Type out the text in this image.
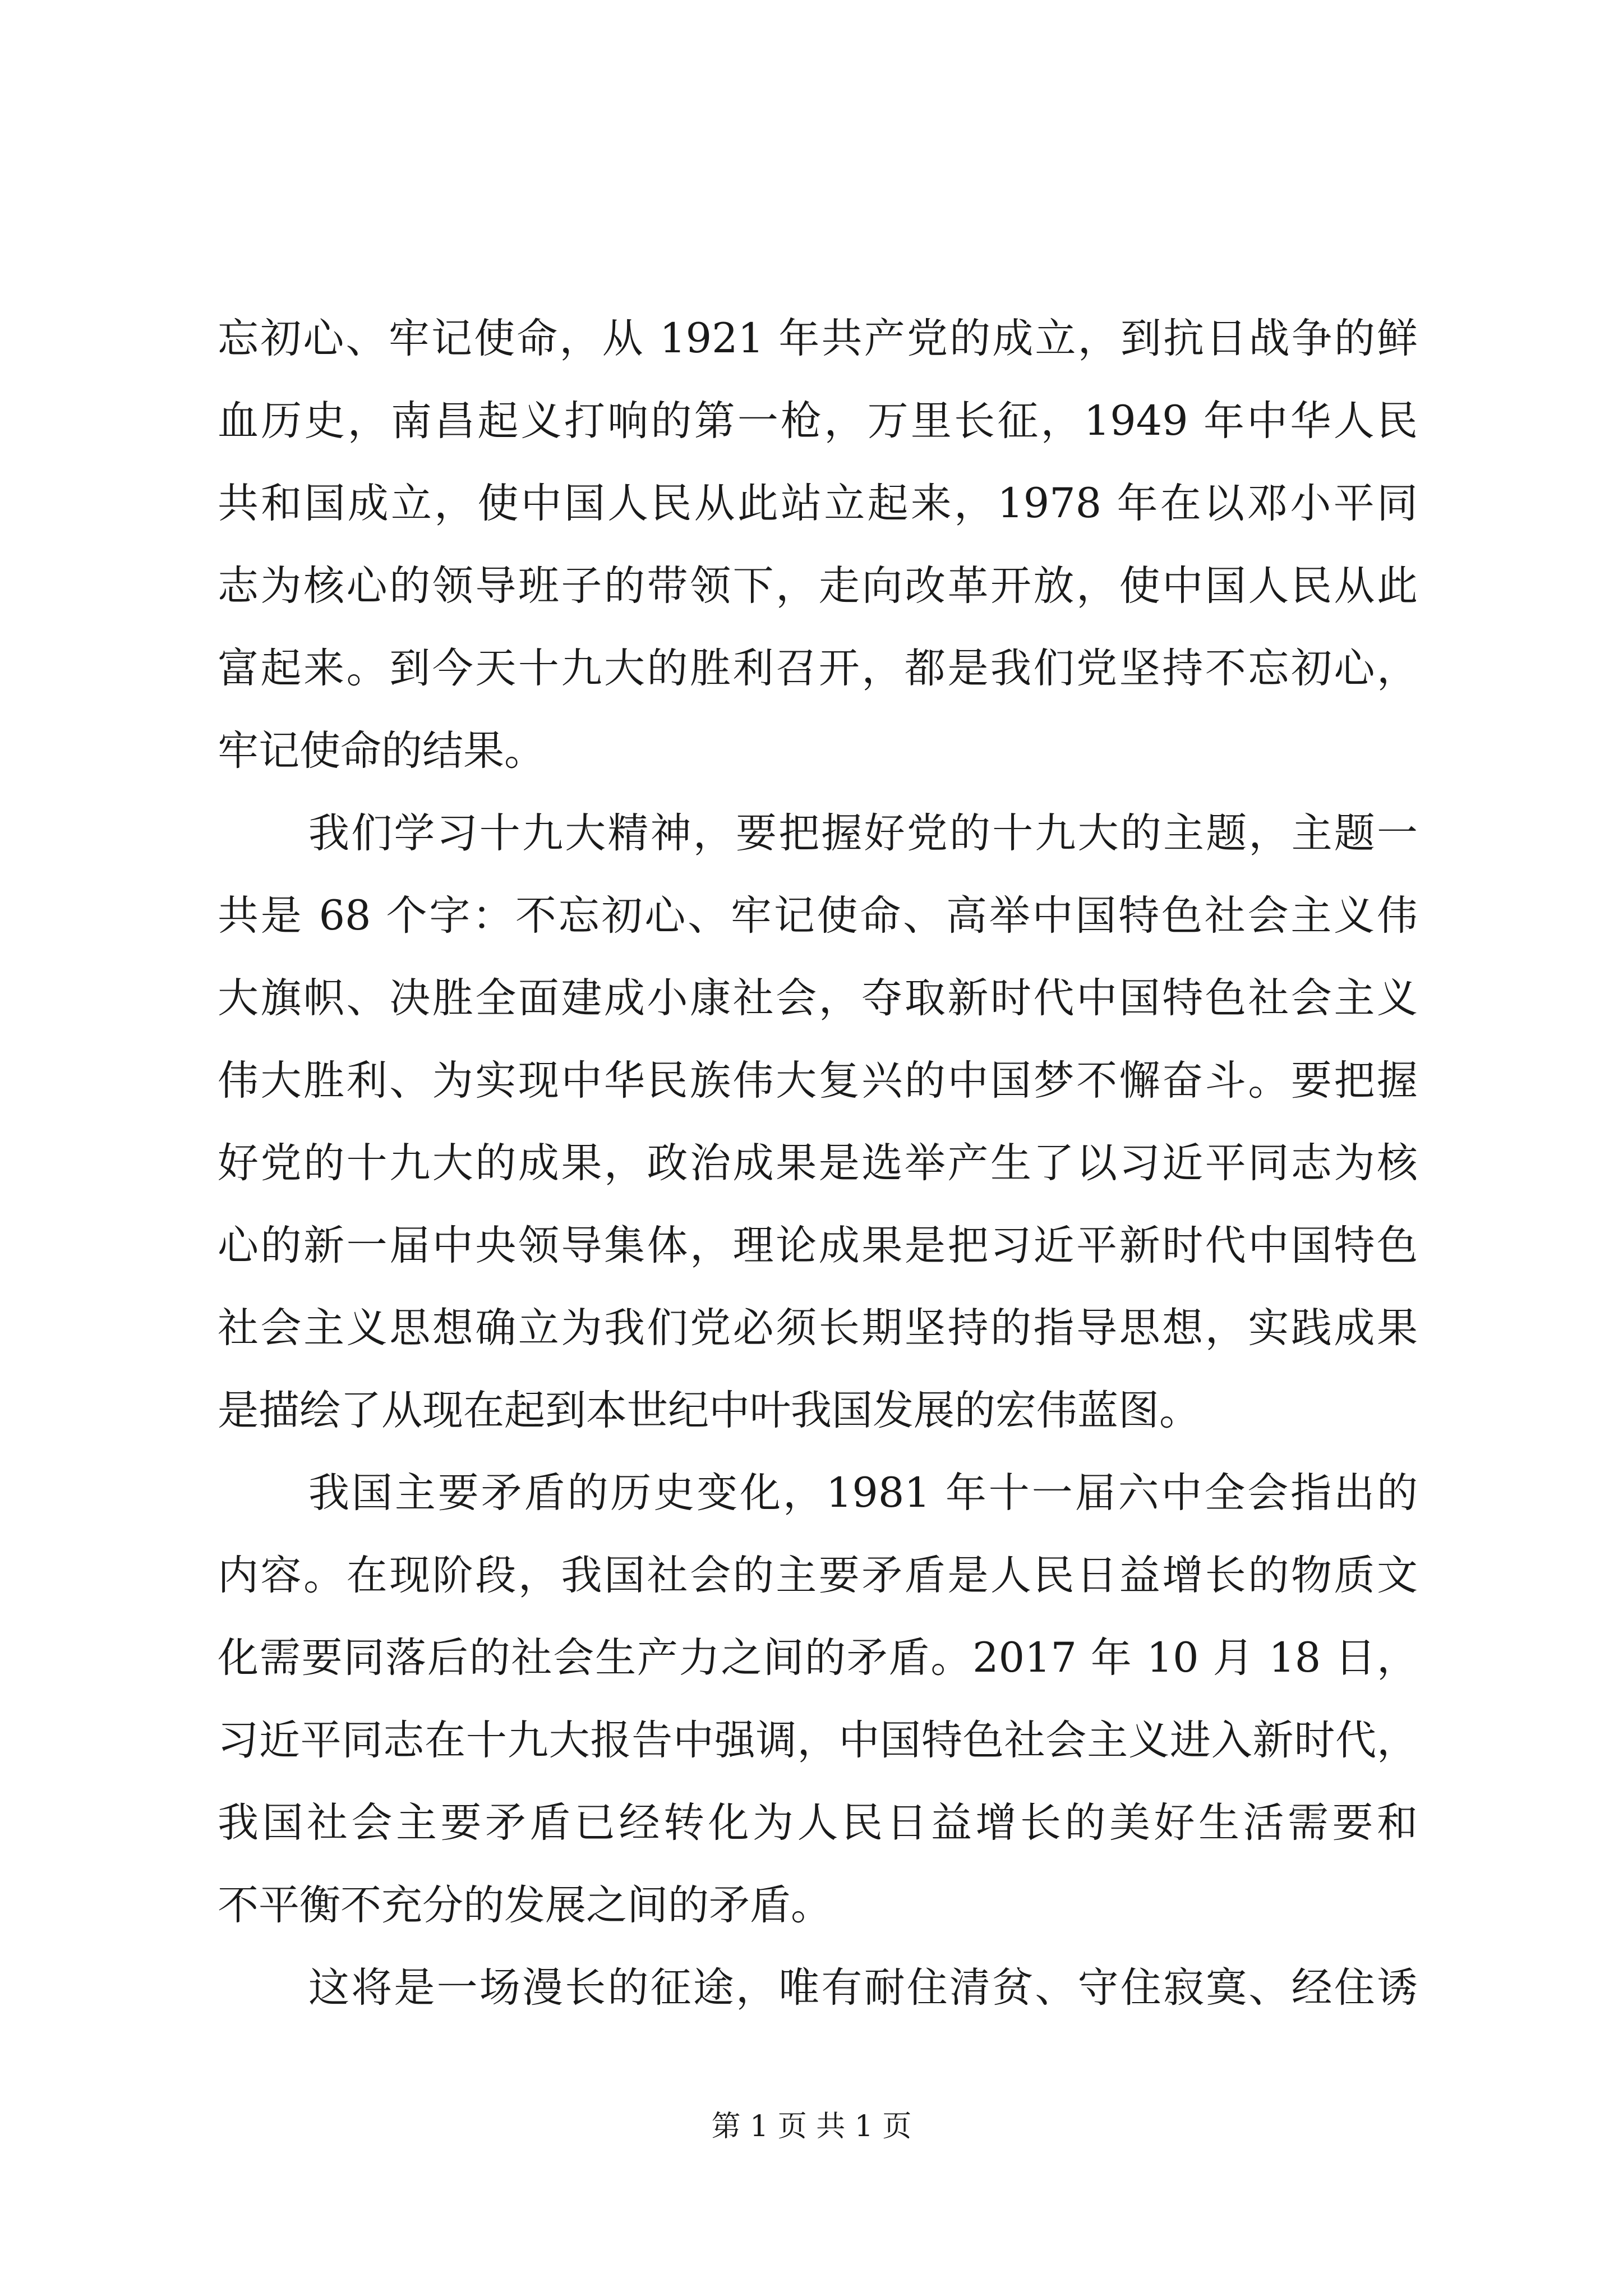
忘初心、牢记使命，从 1921 年共产党的成立，到抗日战争的鲜
血历史，南昌起义打响的第一枪，万里长征，1949 年中华人民
共和国成立，使中国人民从此站立起来，1978 年在以邓小平同
志为核心的领导班子的带领下，走向改革开放，使中国人民从此
富起来。到今天十九大的胜利召开，都是我们党坚持不忘初心，
牢记使命的结果。
我们学习十九大精神，要把握好党的十九大的主题，主题一
共是 68 个字：不忘初心、牢记使命、高举中国特色社会主义伟
大旗帜、决胜全面建成小康社会，夺取新时代中国特色社会主义
伟大胜利、为实现中华民族伟大复兴的中国梦不懈奋斗。要把握
好党的十九大的成果，政治成果是选举产生了以习近平同志为核
心的新一届中央领导集体，理论成果是把习近平新时代中国特色
社会主义思想确立为我们党必须长期坚持的指导思想，实践成果
是描绘了从现在起到本世纪中叶我国发展的宏伟蓝图。
我国主要矛盾的历史变化，1981 年十一届六中全会指出的
内容。在现阶段，我国社会的主要矛盾是人民日益增长的物质文
化需要同落后的社会生产力之间的矛盾。2017 年 10 月 18 日，
习近平同志在十九大报告中强调，中国特色社会主义进入新时代，
我国社会主要矛盾已经转化为人民日益增长的美好生活需要和
不平衡不充分的发展之间的矛盾。
这将是一场漫长的征途，唯有耐住清贫、守住寂寞、经住诱
第 1 页 共 1 页
